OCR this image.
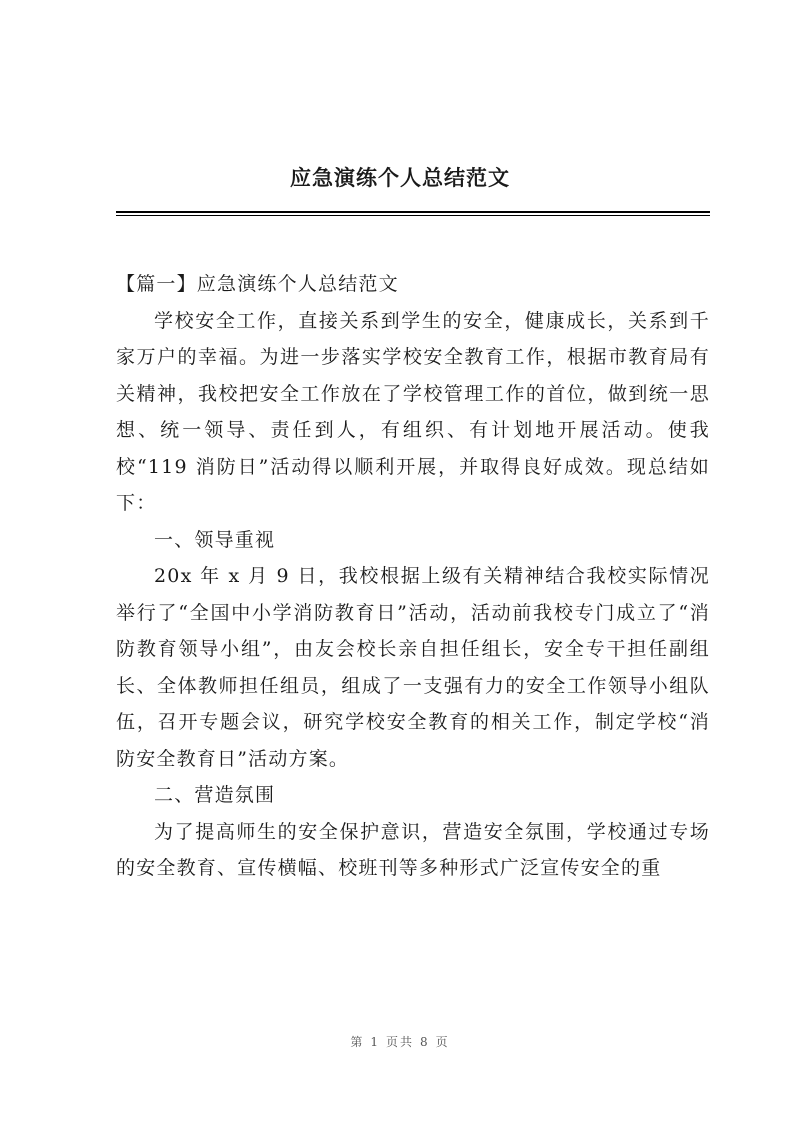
应急演练个人总结范文

【篇一】应急演练个人总结范文

学校安全工作，直接关系到学生的安全，健康成长，关系到千家万户的幸福。为进一步落实学校安全教育工作，根据市教育局有关精神，我校把安全工作放在了学校管理工作的首位，做到统一思想、统一领导、责任到人，有组织、有计划地开展活动。使我校“119 消防日”活动得以顺利开展，并取得良好成效。现总结如下：

一、领导重视

20x 年 x 月 9 日，我校根据上级有关精神结合我校实际情况举行了“全国中小学消防教育日”活动，活动前我校专门成立了“消防教育领导小组”，由友会校长亲自担任组长，安全专干担任副组长、全体教师担任组员，组成了一支强有力的安全工作领导小组队伍，召开专题会议，研究学校安全教育的相关工作，制定学校“消防安全教育日”活动方案。

二、营造氛围

为了提高师生的安全保护意识，营造安全氛围，学校通过专场的安全教育、宣传横幅、校班刊等多种形式广泛宣传安全的重

第 1 页共 8 页
